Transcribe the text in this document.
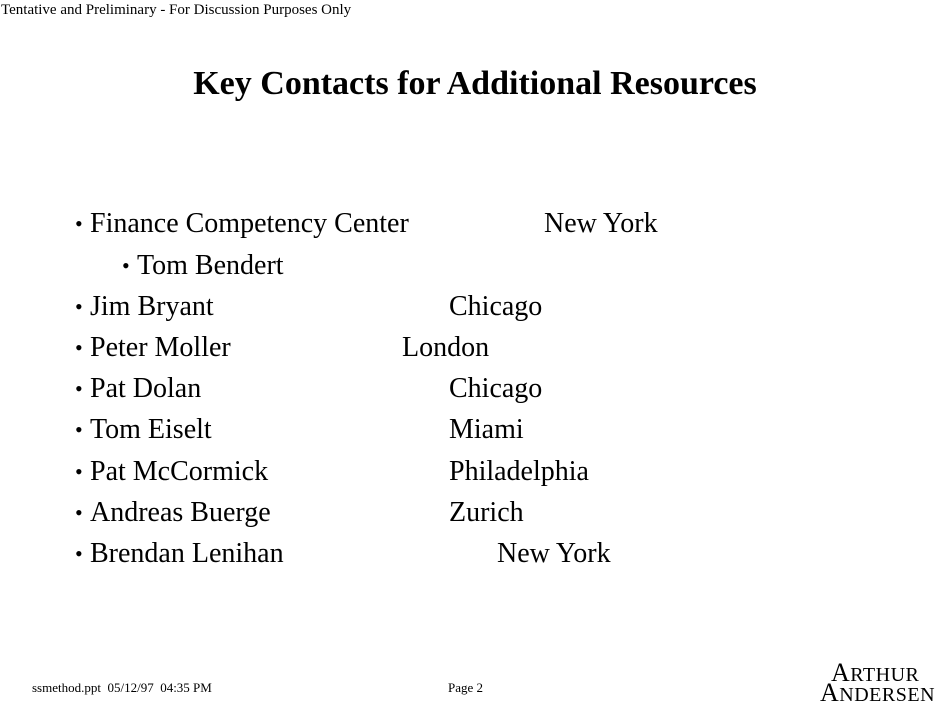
Tentative and Preliminary - For Discussion Purposes Only
Key Contacts for Additional Resources
• Finance Competency Center	New York
• Tom Bendert
• Jim Bryant	Chicago
• Peter Moller	London
• Pat Dolan	Chicago
• Tom Eiselt	Miami
• Pat McCormick	Philadelphia
• Andreas Buerge	Zurich
• Brendan Lenihan	New York
ssmethod.ppt  05/12/97  04:35 PM	Page 2
ARTHUR
ANDERSEN
